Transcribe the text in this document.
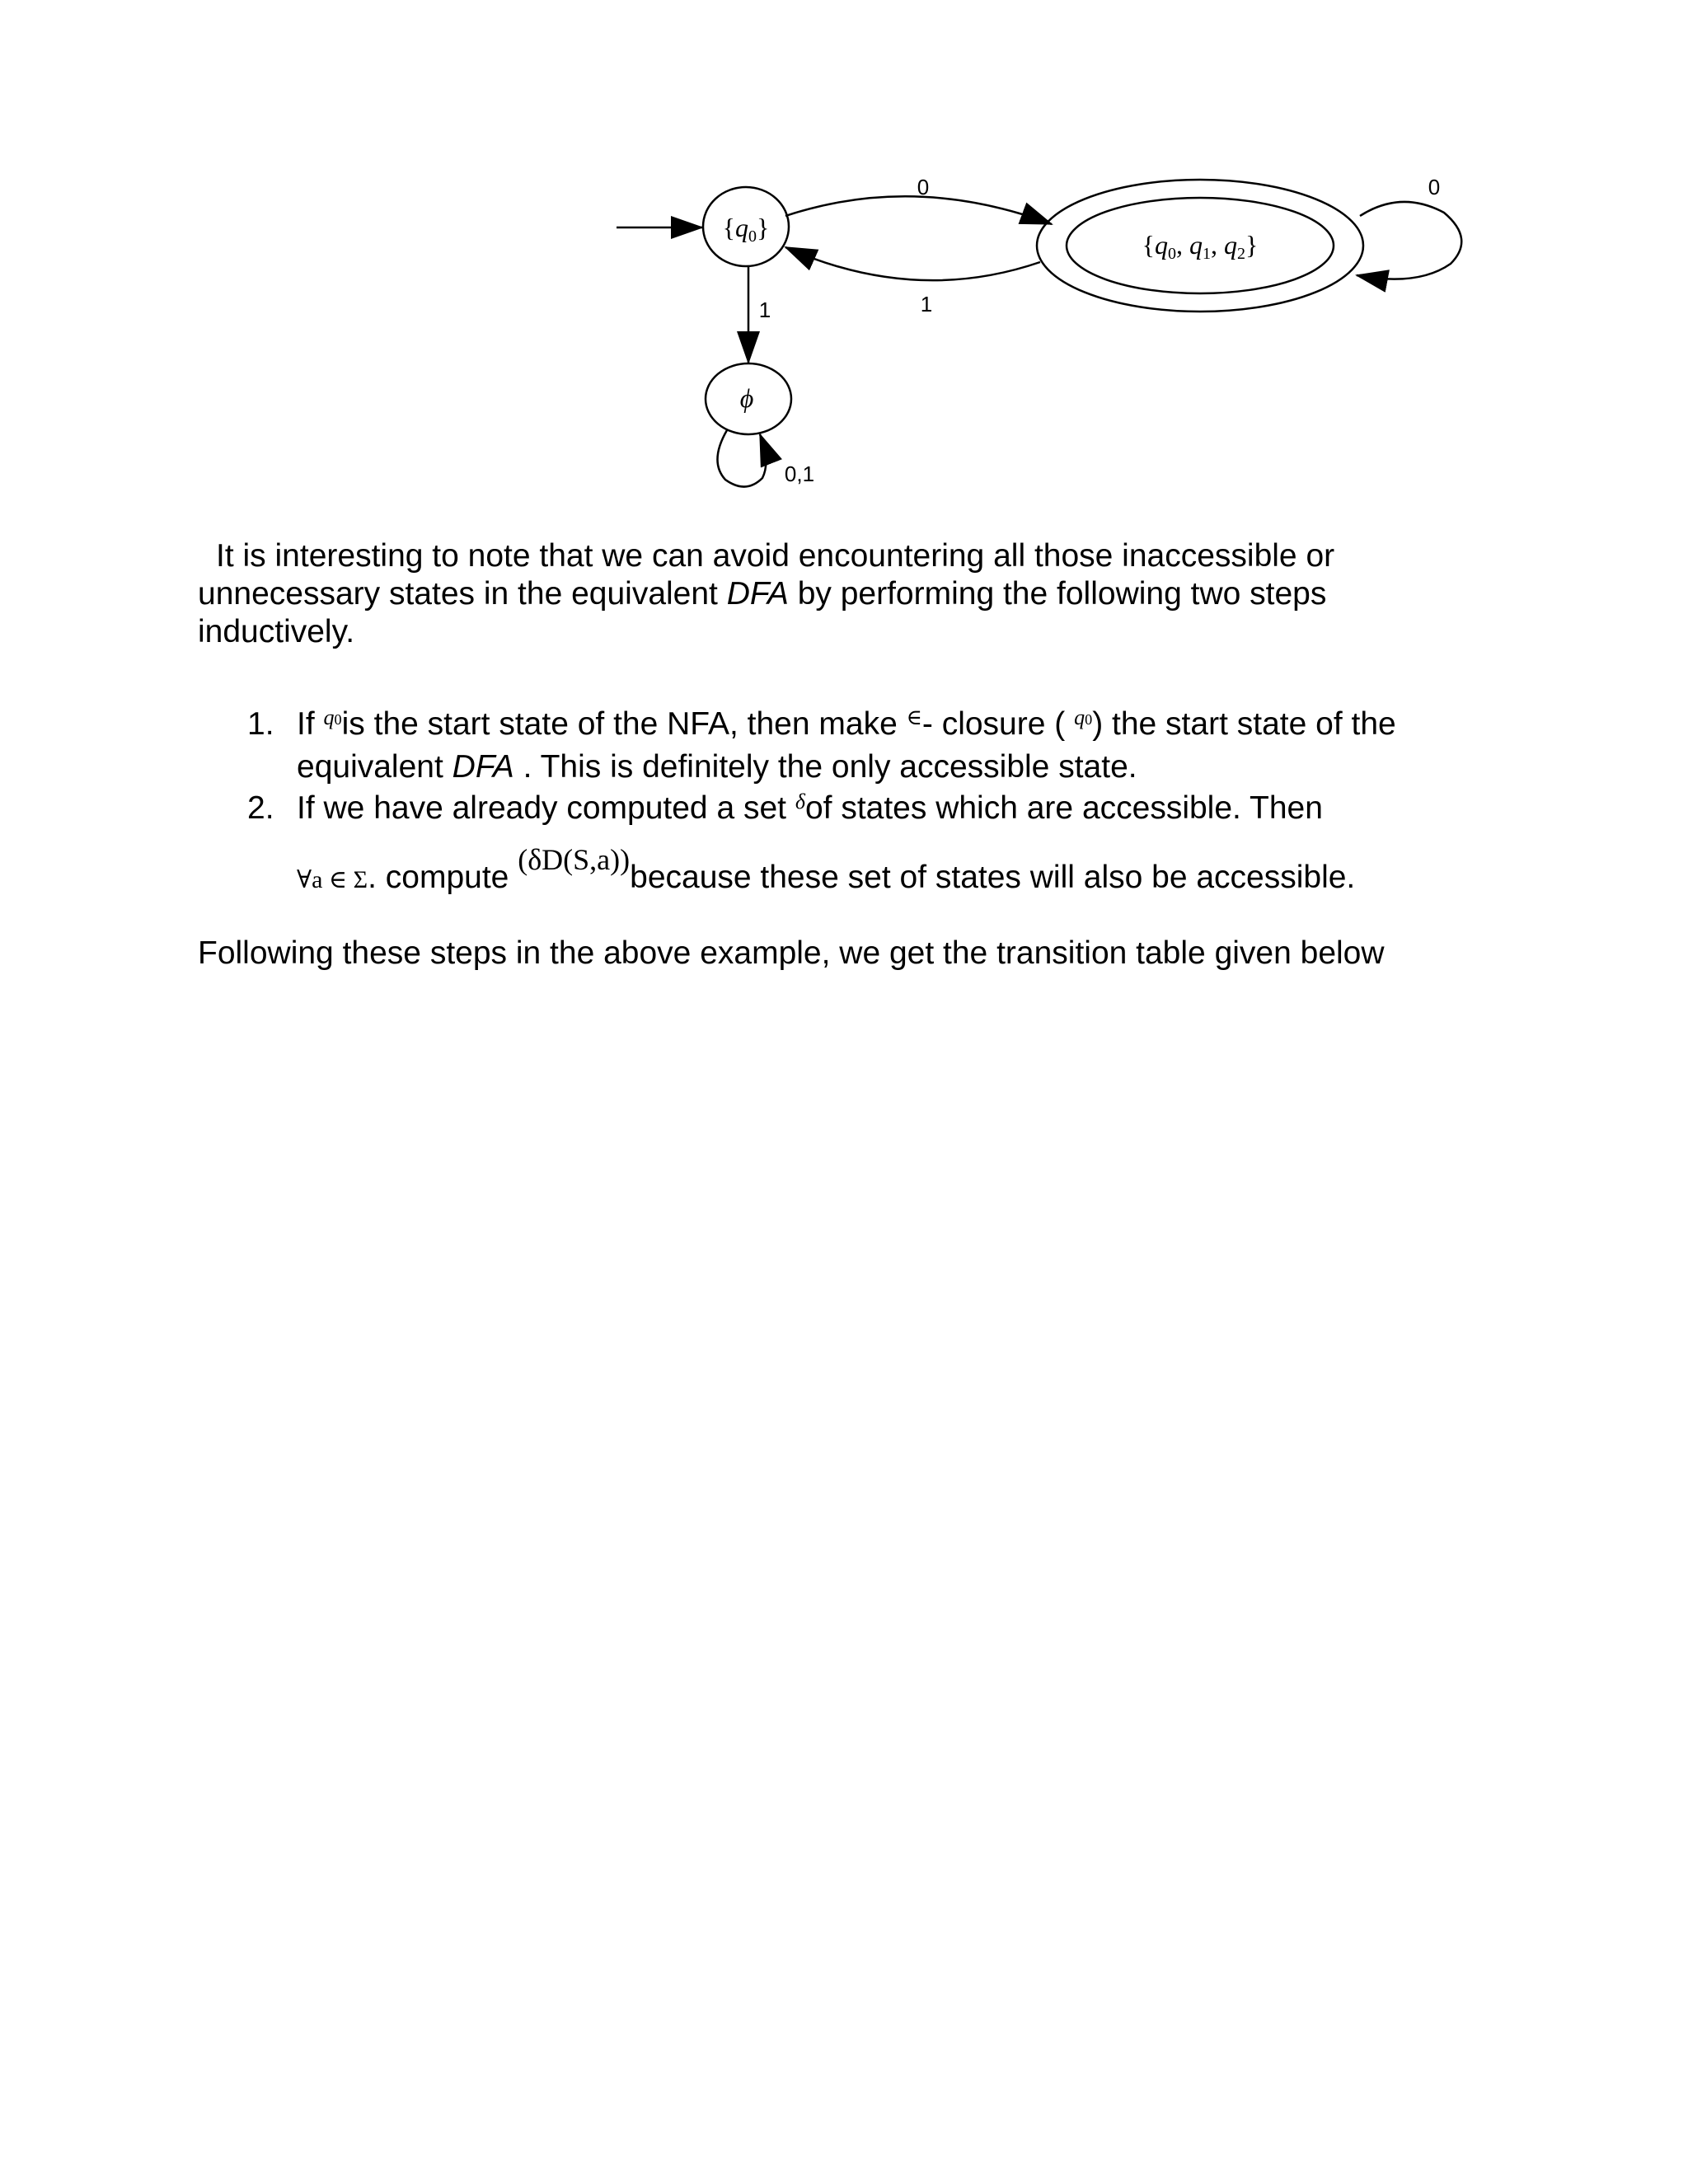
{q0}
{q0, q1, q2}
ϕ
0
1
0
1
0,1
It is interesting to note that we can avoid encountering all those inaccessible or unnecessary states in the equivalent DFA by performing the following two steps inductively.
1. If $^{q0}$is the start state of the NFA, then make ∈- closure ( $^{q0}$) the start state of the equivalent DFA . This is definitely the only accessible state.
2. If we have already computed a set $^\delta$of states which are accessible. Then

∀a ∈ Σ. compute (δD(S,a))because these set of states will also be accessible.
Following these steps in the above example, we get the transition table given below
